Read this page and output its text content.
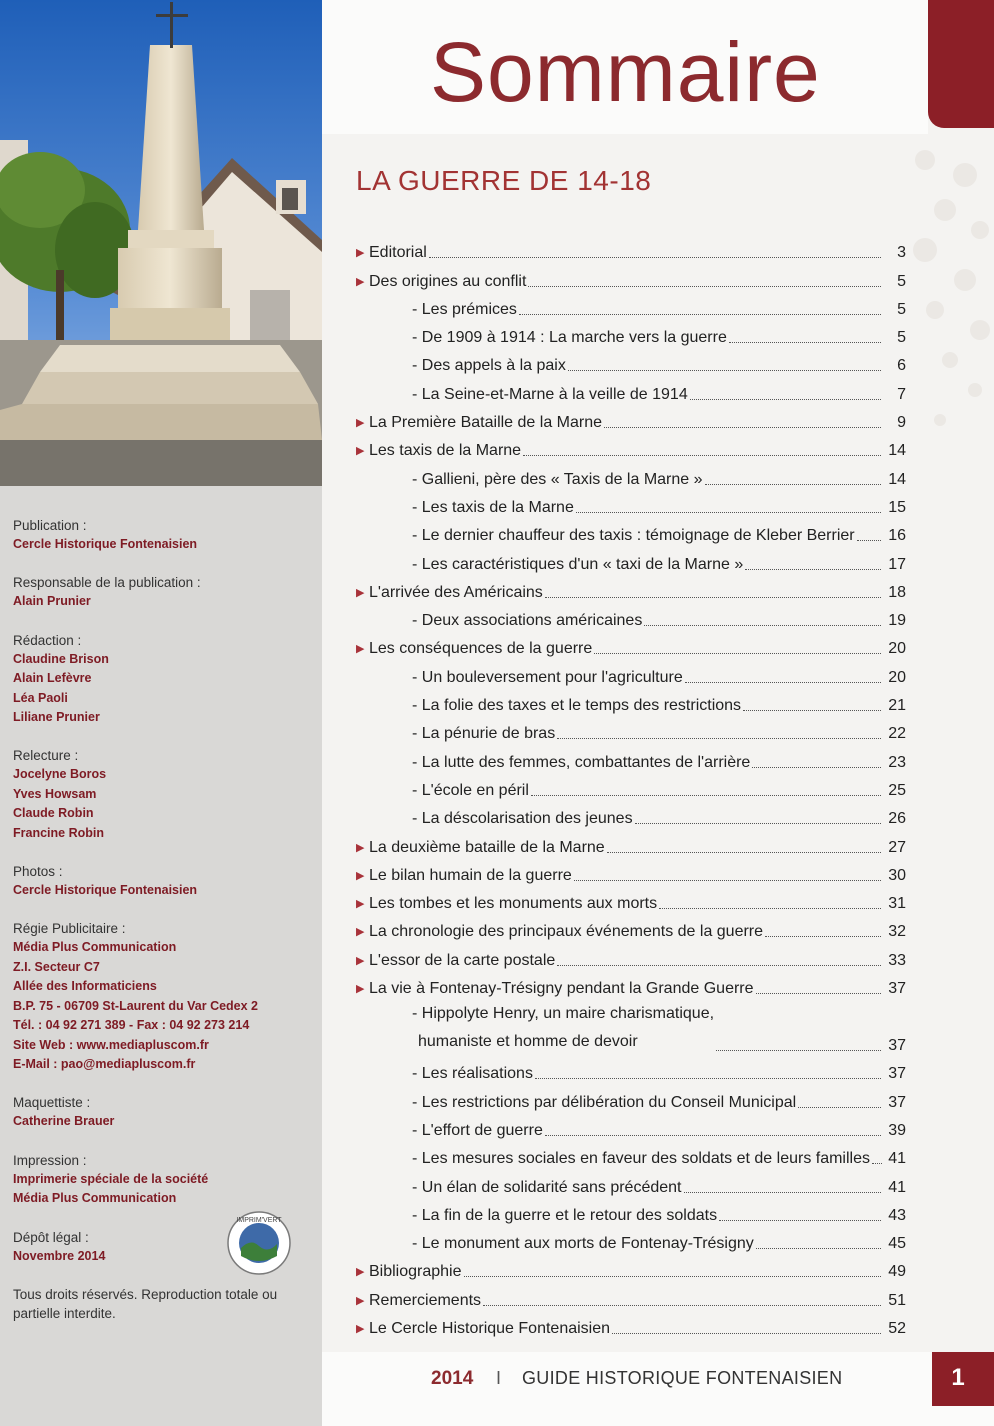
Publication :
Cercle Historique Fontenaisien
Responsable de la publication :
Alain Prunier
Rédaction :
Claudine Brison
Alain Lefèvre
Léa Paoli
Liliane Prunier
Relecture :
Jocelyne Boros
Yves Howsam
Claude Robin
Francine Robin
Photos :
Cercle Historique Fontenaisien
Régie Publicitaire :
Média Plus Communication
Z.I. Secteur C7
Allée des Informaticiens
B.P. 75 - 06709 St-Laurent du Var Cedex 2
Tél. : 04 92 271 389 - Fax : 04 92 273 214
Site Web : www.mediapluscom.fr
E-Mail : pao@mediapluscom.fr
Maquettiste :
Catherine Brauer
Impression :
Imprimerie spéciale de la société
Média Plus Communication
Dépôt légal :
Novembre 2014
Tous droits réservés. Reproduction totale ou partielle interdite.
IMPRIM'VERT
Sommaire
LA GUERRE DE 14-18
▶ Editorial	3
▶ Des origines au conflit	5
- Les prémices	5
- De 1909 à 1914 : La marche vers la guerre	5
- Des appels à la paix	6
- La Seine-et-Marne à la veille de 1914	7
▶ La Première Bataille de la Marne	9
▶ Les taxis de la Marne	14
- Gallieni, père des « Taxis de la Marne »	14
- Les taxis de la Marne	15
- Le dernier chauffeur des taxis : témoignage de Kleber Berrier 16
- Les caractéristiques d'un « taxi de la Marne »	17
▶ L'arrivée des Américains	18
- Deux associations américaines	19
▶ Les conséquences de la guerre	20
- Un bouleversement pour l'agriculture	20
- La folie des taxes et le temps des restrictions	21
- La pénurie de bras	22
- La lutte des femmes, combattantes de l'arrière	23
- L'école en péril	25
- La déscolarisation des jeunes	26
▶ La deuxième bataille de la Marne	27
▶ Le bilan humain de la guerre	30
▶ Les tombes et les monuments aux morts	31
▶ La chronologie des principaux événements de la guerre	32
▶ L'essor de la carte postale	33
▶ La vie à Fontenay-Trésigny pendant la Grande Guerre	37
- Hippolyte Henry, un maire charismatique,
humaniste et homme de devoir	37
- Les réalisations	37
- Les restrictions par délibération du Conseil Municipal	37
- L'effort de guerre	39
- Les mesures sociales en faveur des soldats et de leurs familles 41
- Un élan de solidarité sans précédent	41
- La fin de la guerre et le retour des soldats	43
- Le monument aux morts de Fontenay-Trésigny	45
▶ Bibliographie	49
▶ Remerciements	51
▶ Le Cercle Historique Fontenaisien	52
2014 I GUIDE HISTORIQUE FONTENAISIEN	1
